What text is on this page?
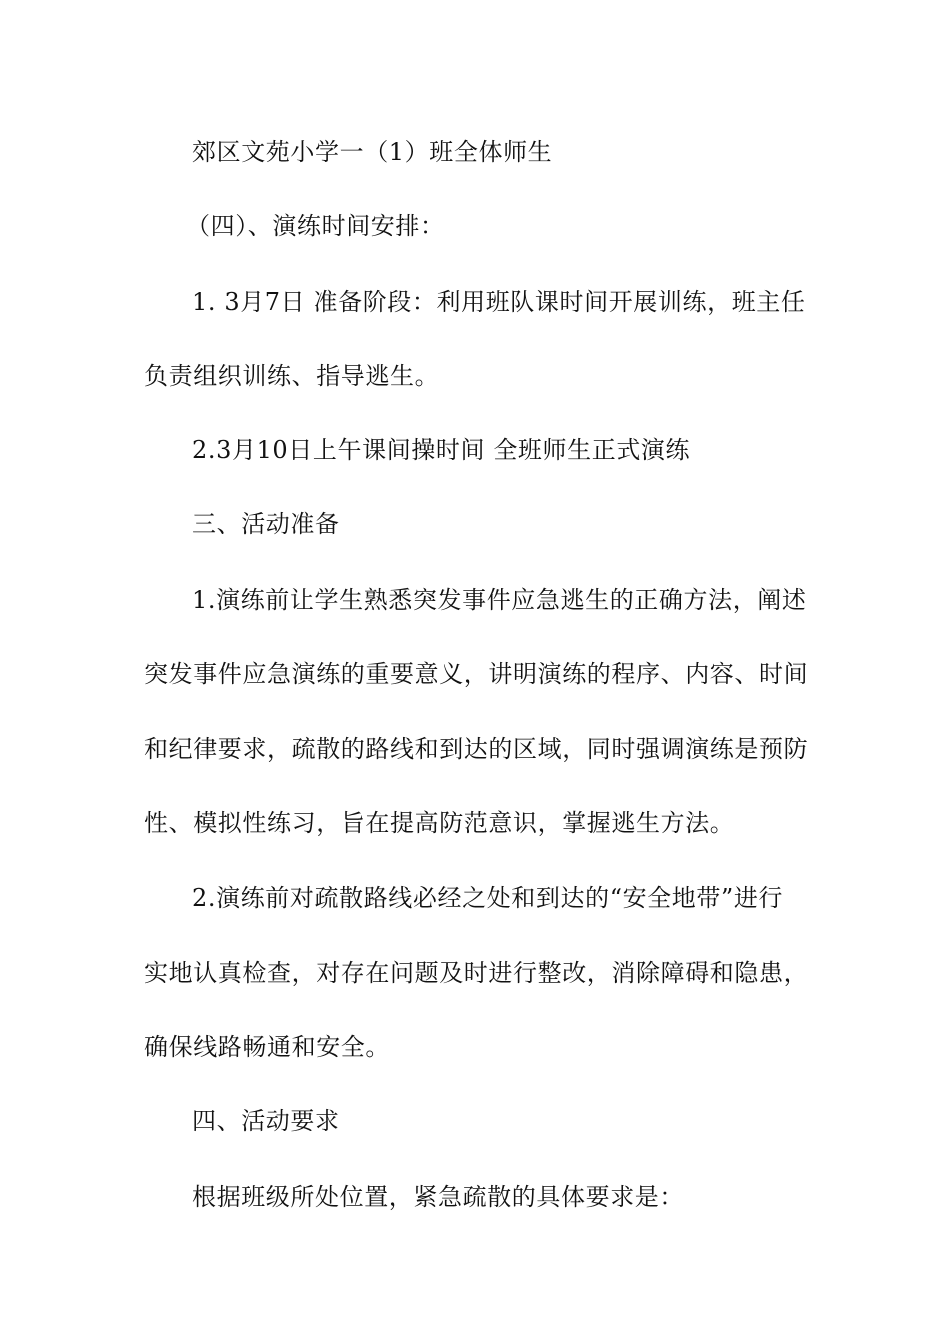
郊区文苑小学一（1）班全体师生
（四）、演练时间安排：
1. 3月7日 准备阶段：利用班队课时间开展训练，班主任
负责组织训练、指导逃生。
2.3月10日上午课间操时间 全班师生正式演练
三、活动准备
1.演练前让学生熟悉突发事件应急逃生的正确方法，阐述
突发事件应急演练的重要意义，讲明演练的程序、内容、时间
和纪律要求，疏散的路线和到达的区域，同时强调演练是预防
性、模拟性练习，旨在提高防范意识，掌握逃生方法。
2.演练前对疏散路线必经之处和到达的“安全地带”进行
实地认真检查，对存在问题及时进行整改，消除障碍和隐患，
确保线路畅通和安全。
四、活动要求
根据班级所处位置，紧急疏散的具体要求是：
